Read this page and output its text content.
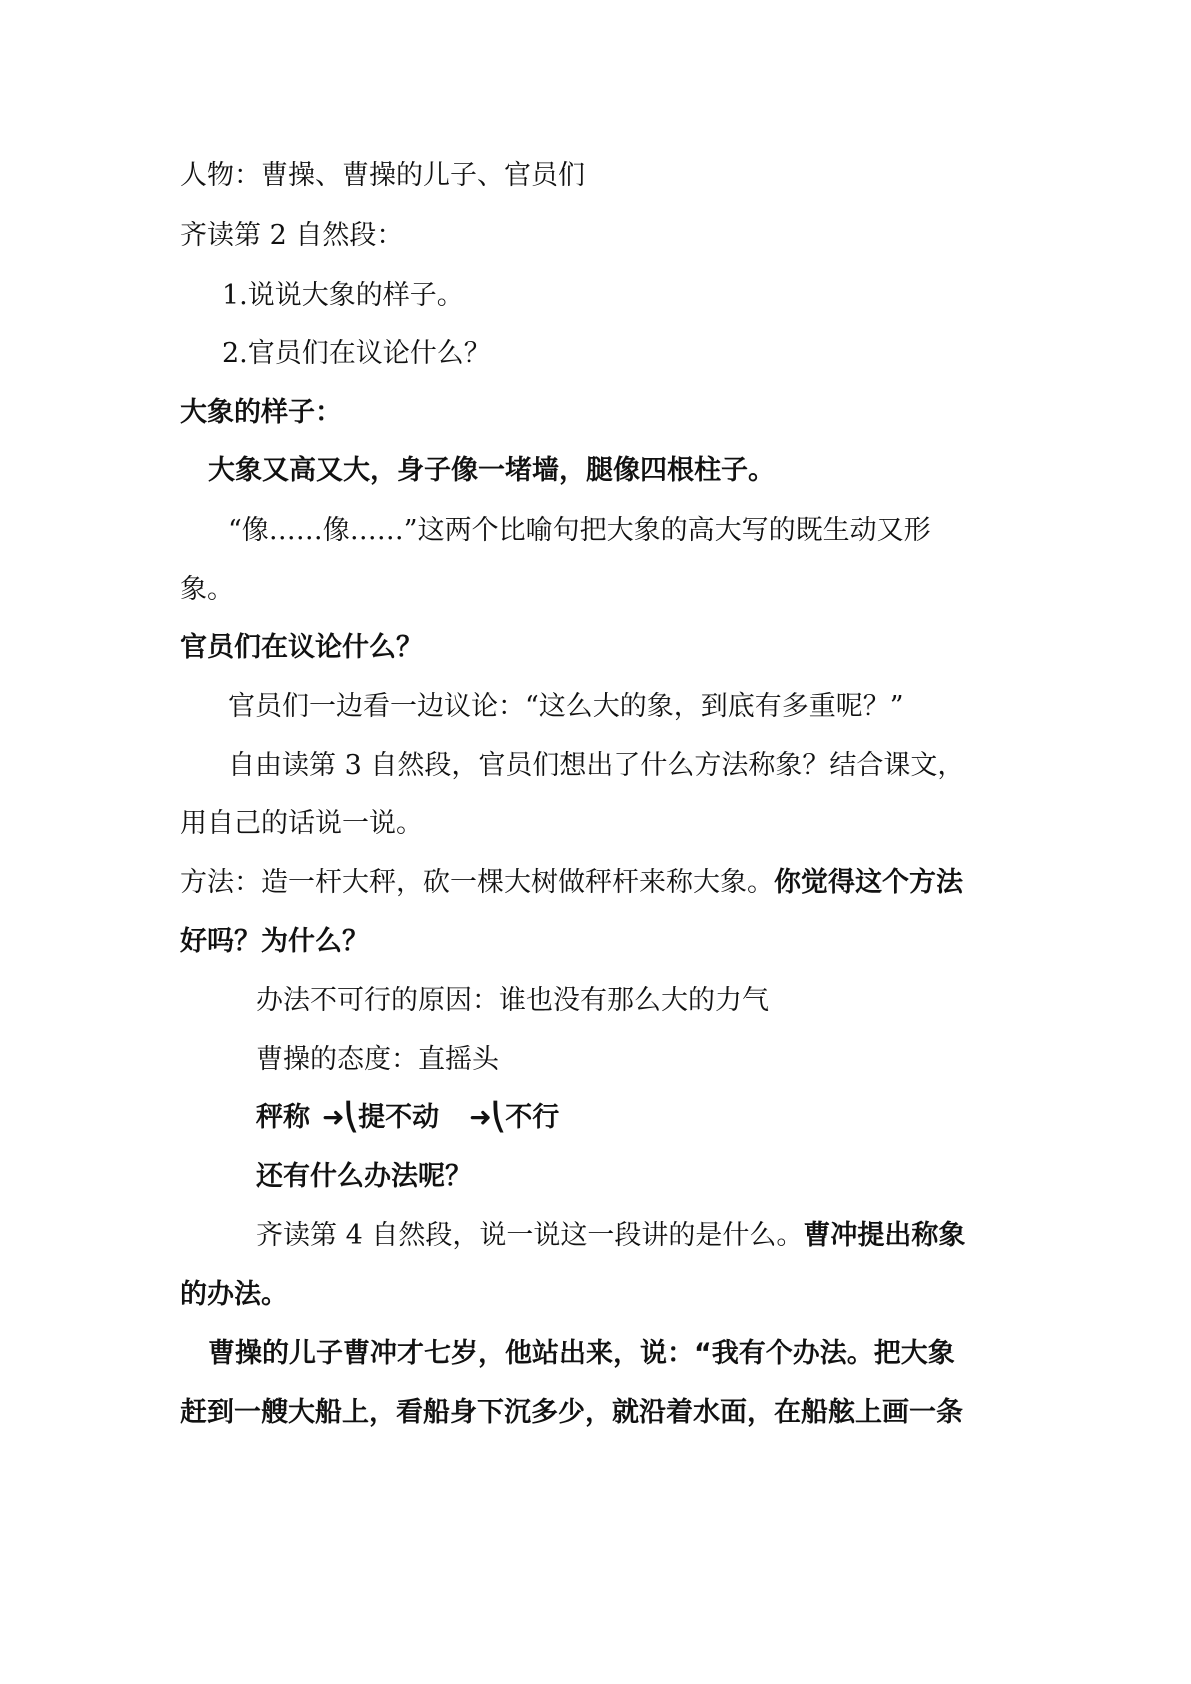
人物：曹操、曹操的儿子、官员们
齐读第 2 自然段：
1.说说大象的样子。
2.官员们在议论什么？
大象的样子：
大象又高又大，身子像一堵墙，腿像四根柱子。
“像……像……”这两个比喻句把大象的高大写的既生动又形
象。
官员们在议论什么？
官员们一边看一边议论：“这么大的象，到底有多重呢？”
自由读第 3 自然段，官员们想出了什么方法称象？结合课文，
用自己的话说一说。
方法：造一杆大秤，砍一棵大树做秤杆来称大象。你觉得这个方法
好吗？为什么？
办法不可行的原因：谁也没有那么大的力气
曹操的态度：直摇头
秤称 ➜⎝提不动 ➜⎝不行
还有什么办法呢？
齐读第 4 自然段，说一说这一段讲的是什么。曹冲提出称象
的办法。
曹操的儿子曹冲才七岁，他站出来，说：“我有个办法。把大象
赶到一艘大船上，看船身下沉多少，就沿着水面，在船舷上画一条
